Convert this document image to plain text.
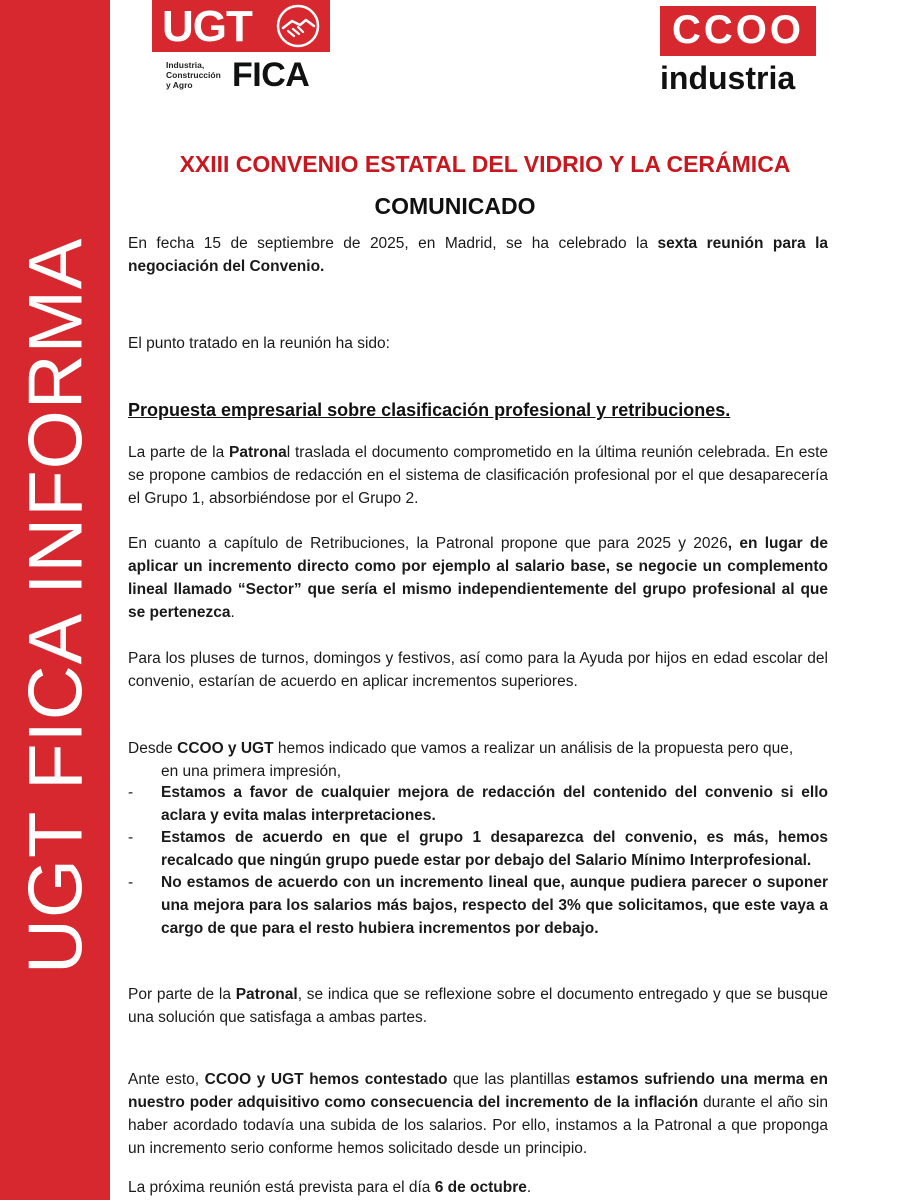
UGT FICA INFORMA
UGT
Industria,
Construcción
y Agro	FICA
CCOO
industria
XXIII CONVENIO ESTATAL DEL VIDRIO Y LA CERÁMICA
COMUNICADO

En fecha 15 de septiembre de 2025, en Madrid, se ha celebrado la sexta reunión para la negociación del Convenio.

El punto tratado en la reunión ha sido:

Propuesta empresarial sobre clasificación profesional y retribuciones.

La parte de la Patronal traslada el documento comprometido en la última reunión celebrada. En este se propone cambios de redacción en el sistema de clasificación profesional por el que desaparecería el Grupo 1, absorbiéndose por el Grupo 2.

En cuanto a capítulo de Retribuciones, la Patronal propone que para 2025 y 2026, en lugar de aplicar un incremento directo como por ejemplo al salario base, se negocie un complemento lineal llamado “Sector” que sería el mismo independientemente del grupo profesional al que se pertenezca.

Para los pluses de turnos, domingos y festivos, así como para la Ayuda por hijos en edad escolar del convenio, estarían de acuerdo en aplicar incrementos superiores.

Desde CCOO y UGT hemos indicado que vamos a realizar un análisis de la propuesta pero que,
en una primera impresión,

- Estamos a favor de cualquier mejora de redacción del contenido del convenio si ello aclara y evita malas interpretaciones.
- Estamos de acuerdo en que el grupo 1 desaparezca del convenio, es más, hemos recalcado que ningún grupo puede estar por debajo del Salario Mínimo Interprofesional.
- No estamos de acuerdo con un incremento lineal que, aunque pudiera parecer o suponer una mejora para los salarios más bajos, respecto del 3% que solicitamos, que este vaya a cargo de que para el resto hubiera incrementos por debajo.

Por parte de la Patronal, se indica que se reflexione sobre el documento entregado y que se busque una solución que satisfaga a ambas partes.

Ante esto, CCOO y UGT hemos contestado que las plantillas estamos sufriendo una merma en nuestro poder adquisitivo como consecuencia del incremento de la inflación durante el año sin haber acordado todavía una subida de los salarios. Por ello, instamos a la Patronal a que proponga un incremento serio conforme hemos solicitado desde un principio.

La próxima reunión está prevista para el día 6 de octubre.
